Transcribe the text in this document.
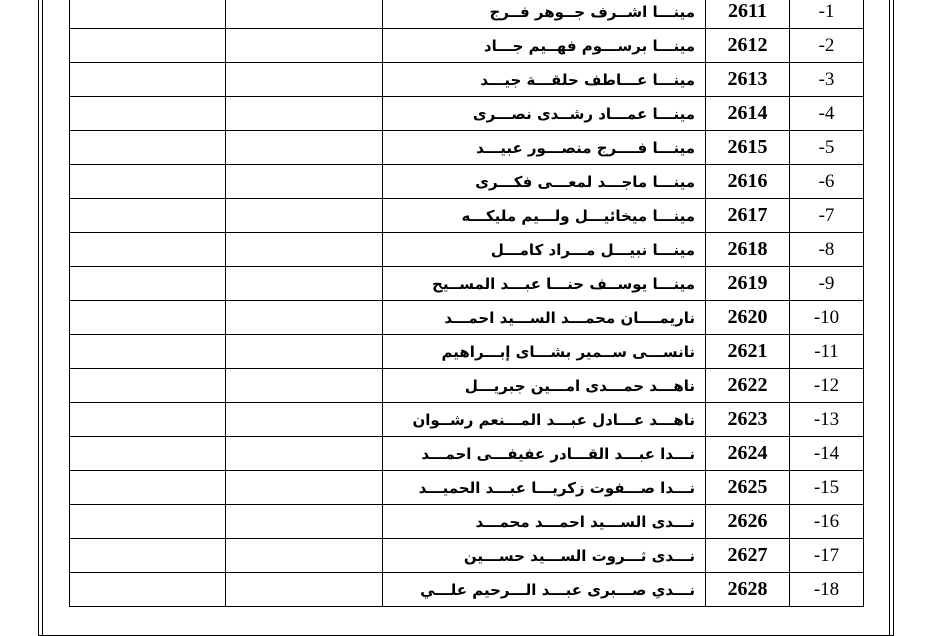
		مينـــا اشــرف جــوهر فــرج	2611	-1
		مينـــا برســـوم فهــيم جـــاد	2612	-2
		مينـــا عـــاطف حلقـــة جيـــد	2613	-3
		مينـــا عمـــاد رشــدى نصـــرى	2614	-4
		مينـــا فــــرج منصـــور عبيـــد	2615	-5
		مينـــا ماجـــد لمعـــى فكـــرى	2616	-6
		مينـــا ميخائيـــل ولـــيم مليكـــه	2617	-7
		مينـــا نبيـــل مـــراد كامـــل	2618	-8
		مينـــا يوســف حنـــا عبـــد المســيح	2619	-9
		ناريمــــان محمـــد الســـيد احمـــد	2620	-10
		نانســـى ســمير بشـــاى إبـــراهيم	2621	-11
		ناهـــد حمـــدى امـــين جبريـــل	2622	-12
		ناهـــد عـــادل عبـــد المـــنعم رشــوان	2623	-13
		نـــدا عبـــد القـــادر عفيفـــى احمـــد	2624	-14
		نـــدا صـــفوت زكريـــا عبـــد الحميـــد	2625	-15
		نـــدى الســـيد احمـــد محمـــد	2626	-16
		نـــدى ثـــروت الســـيد حســـين	2627	-17
		نـــدي صـــبرى عبـــد الـــرحيم علـــي	2628	-18
